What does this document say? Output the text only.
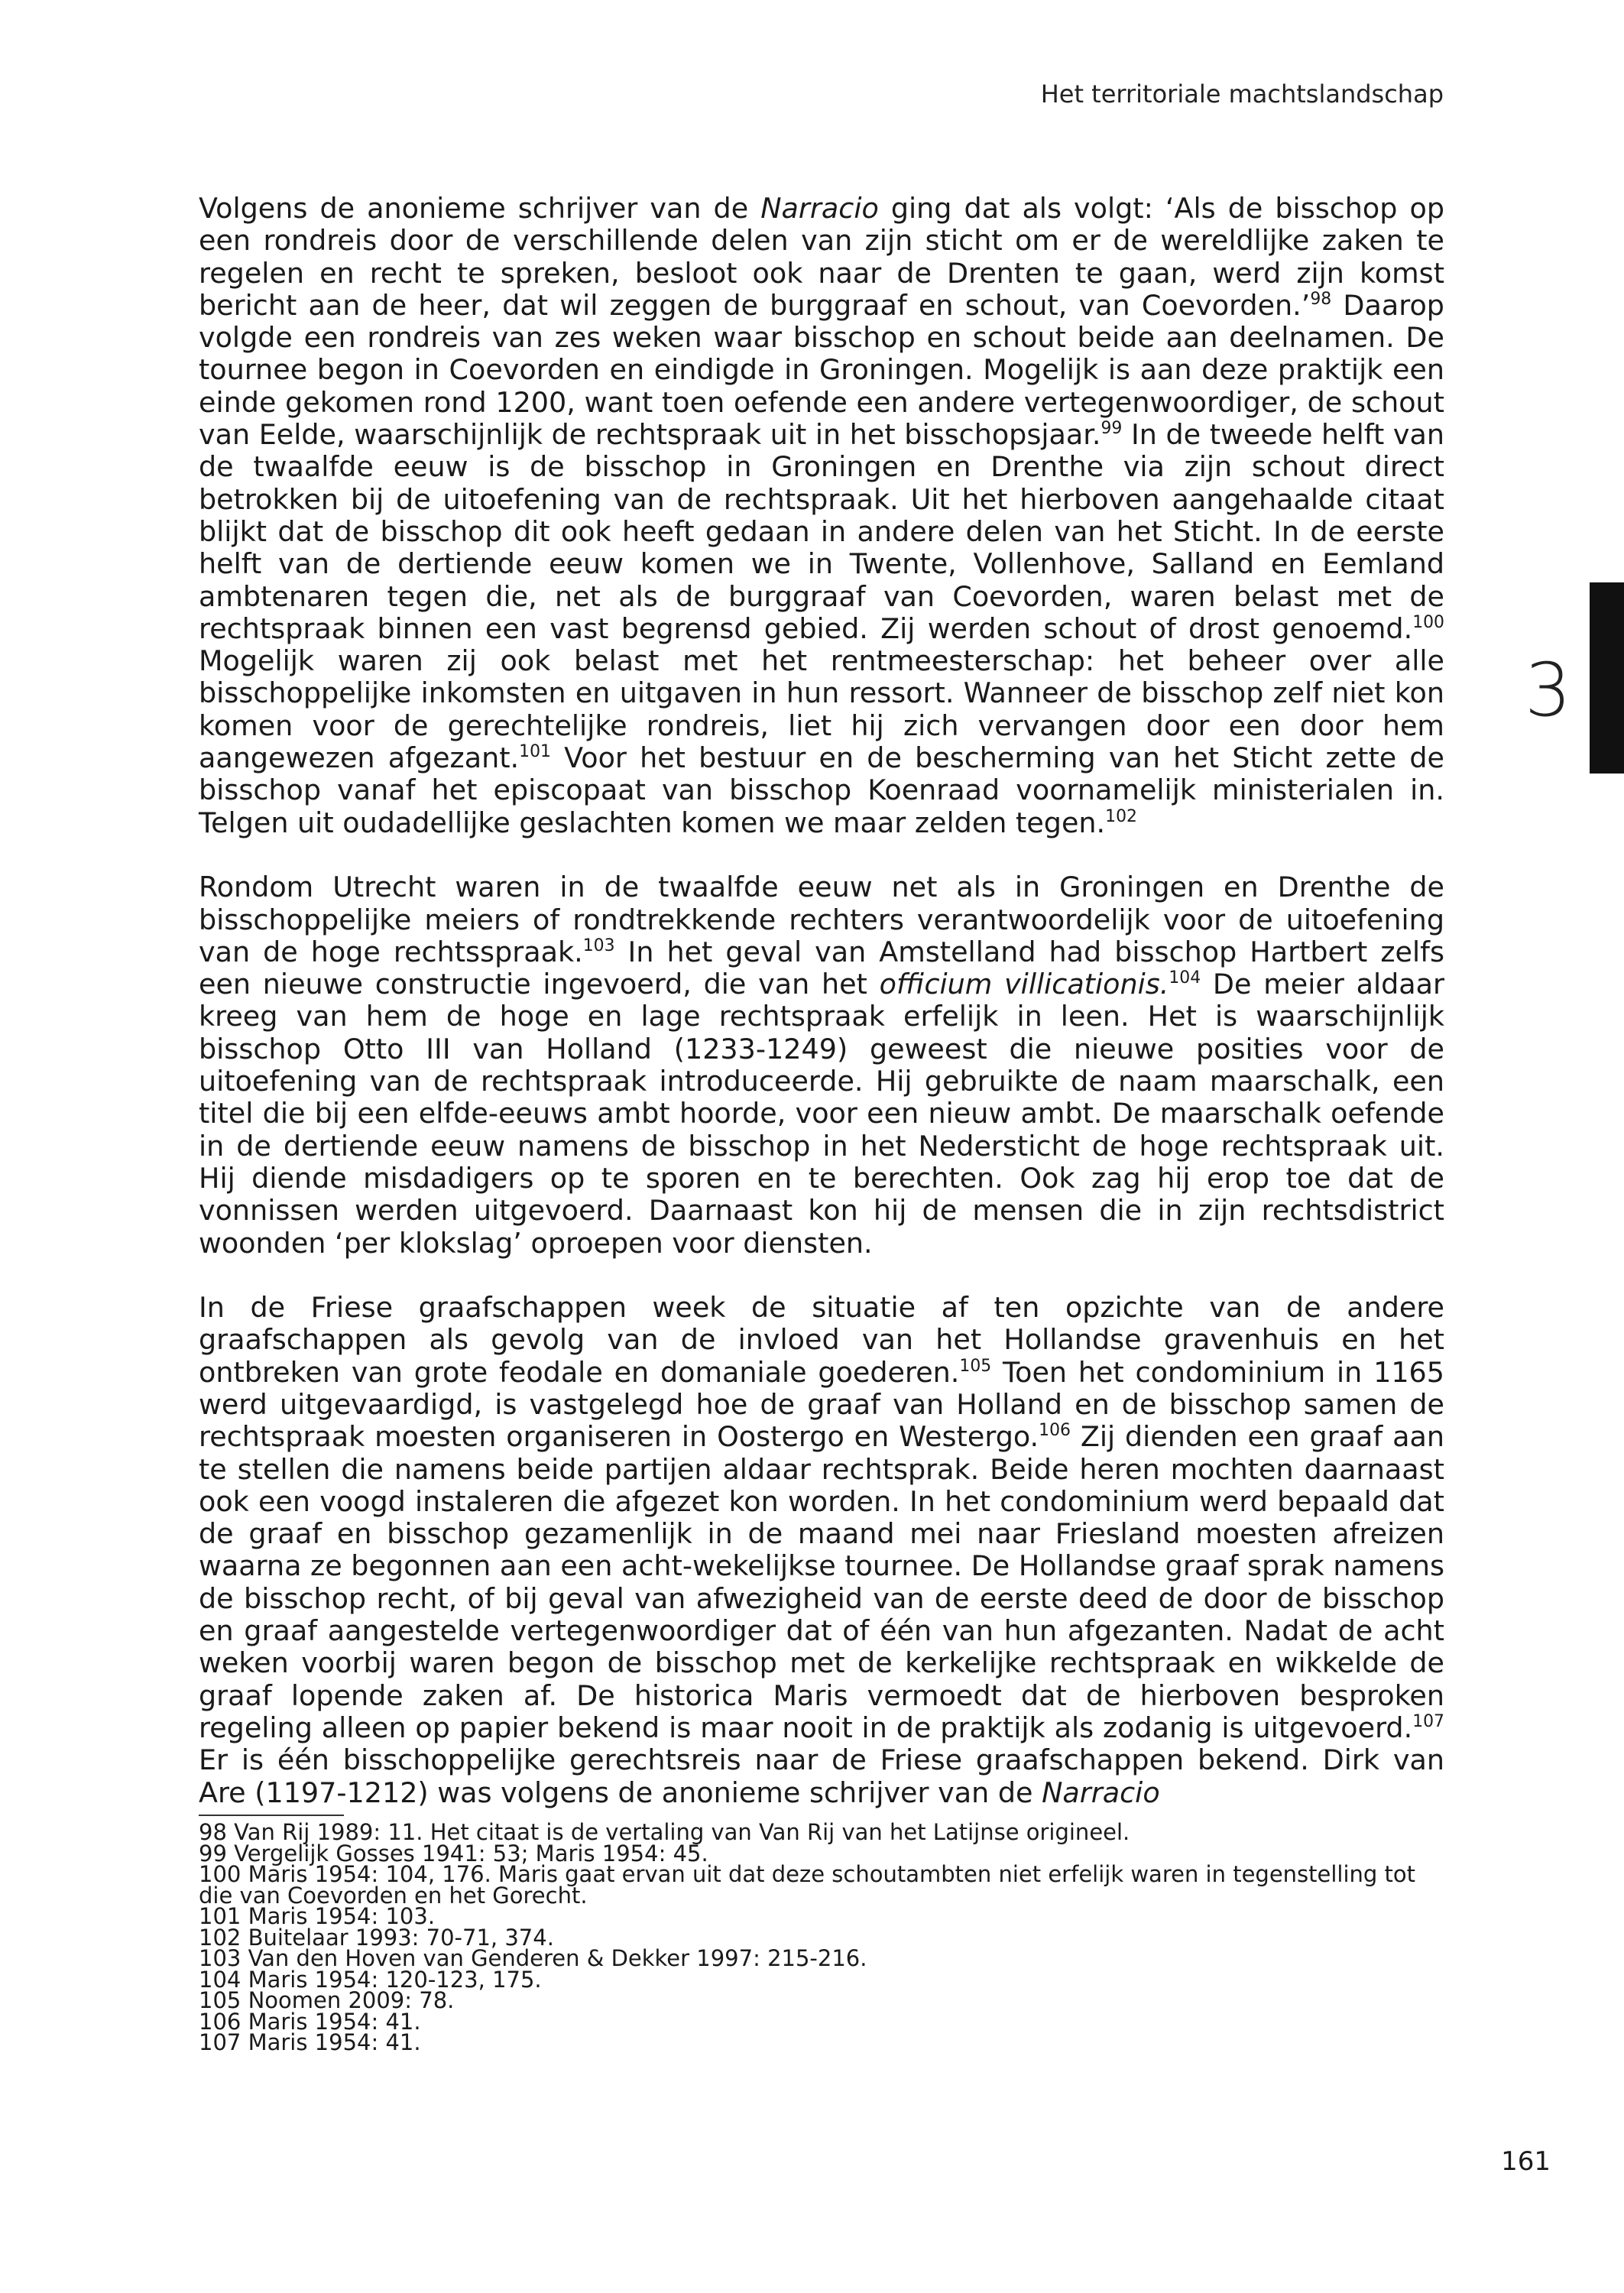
Het territoriale machtslandschap
3

Volgens de anonieme schrijver van de Narracio ging dat als volgt: ‘Als de bisschop op een rondreis door de verschillende delen van zijn sticht om er de wereldlijke zaken te regelen en recht te spreken, besloot ook naar de Drenten te gaan, werd zijn komst bericht aan de heer, dat wil zeggen de burggraaf en schout, van Coevorden.’$^{98}$ Daarop volgde een rondreis van zes weken waar bisschop en schout beide aan deelnamen. De tournee begon in Coevorden en eindigde in Groningen. Mogelijk is aan deze praktijk een einde gekomen rond 1200, want toen oefende een andere vertegenwoordiger, de schout van Eelde, waarschijnlijk de rechtspraak uit in het bisschopsjaar.$^{99}$ In de tweede helft van de twaalfde eeuw is de bisschop in Groningen en Drenthe via zijn schout direct betrokken bij de uitoefening van de rechtspraak. Uit het hierboven aangehaalde citaat blijkt dat de bisschop dit ook heeft gedaan in andere delen van het Sticht. In de eerste helft van de dertiende eeuw komen we in Twente, Vollenhove, Salland en Eemland ambtenaren tegen die, net als de burggraaf van Coevorden, waren belast met de rechtspraak binnen een vast begrensd gebied. Zij werden schout of drost genoemd.$^{100}$ Mogelijk waren zij ook belast met het rentmeesterschap: het beheer over alle bisschoppelijke inkomsten en uitgaven in hun ressort. Wanneer de bisschop zelf niet kon komen voor de gerechtelijke rondreis, liet hij zich vervangen door een door hem aangewezen afgezant.$^{101}$ Voor het bestuur en de bescherming van het Sticht zette de bisschop vanaf het episcopaat van bisschop Koenraad voornamelijk ministerialen in. Telgen uit oudadellijke geslachten komen we maar zelden tegen.$^{102}$

Rondom Utrecht waren in de twaalfde eeuw net als in Groningen en Drenthe de bisschoppelijke meiers of rondtrekkende rechters verantwoordelijk voor de uitoefening van de hoge rechtsspraak.$^{103}$ In het geval van Amstelland had bisschop Hartbert zelfs een nieuwe constructie ingevoerd, die van het officium villicationis.$^{104}$ De meier aldaar kreeg van hem de hoge en lage rechtspraak erfelijk in leen. Het is waarschijnlijk bisschop Otto III van Holland (1233-1249) geweest die nieuwe posities voor de uitoefening van de rechtspraak introduceerde. Hij gebruikte de naam maarschalk, een titel die bij een elfde-eeuws ambt hoorde, voor een nieuw ambt. De maarschalk oefende in de dertiende eeuw namens de bisschop in het Nedersticht de hoge rechtspraak uit. Hij diende misdadigers op te sporen en te berechten. Ook zag hij erop toe dat de vonnissen werden uitgevoerd. Daarnaast kon hij de mensen die in zijn rechtsdistrict woonden ‘per klokslag’ oproepen voor diensten.

In de Friese graafschappen week de situatie af ten opzichte van de andere graafschappen als gevolg van de invloed van het Hollandse gravenhuis en het ontbreken van grote feodale en domaniale goederen.$^{105}$ Toen het condominium in 1165 werd uitgevaardigd, is vastgelegd hoe de graaf van Holland en de bisschop samen de rechtspraak moesten organiseren in Oostergo en Westergo.$^{106}$ Zij dienden een graaf aan te stellen die namens beide partijen aldaar rechtsprak. Beide heren mochten daarnaast ook een voogd instaleren die afgezet kon worden. In het condominium werd bepaald dat de graaf en bisschop gezamenlijk in de maand mei naar Friesland moesten afreizen waarna ze begonnen aan een acht-wekelijkse tournee. De Hollandse graaf sprak namens de bisschop recht, of bij geval van afwezigheid van de eerste deed de door de bisschop en graaf aangestelde vertegenwoordiger dat of één van hun afgezanten. Nadat de acht weken voorbij waren begon de bisschop met de kerkelijke rechtspraak en wikkelde de graaf lopende zaken af. De historica Maris vermoedt dat de hierboven besproken regeling alleen op papier bekend is maar nooit in de praktijk als zodanig is uitgevoerd.$^{107}$ Er is één bisschoppelijke gerechtsreis naar de Friese graafschappen bekend. Dirk van Are (1197-1212) was volgens de anonieme schrijver van de Narracio

98 Van Rij 1989: 11. Het citaat is de vertaling van Van Rij van het Latijnse origineel.
99 Vergelijk Gosses 1941: 53; Maris 1954: 45.
100 Maris 1954: 104, 176. Maris gaat ervan uit dat deze schoutambten niet erfelijk waren in tegenstelling tot die van Coevorden en het Gorecht.
101 Maris 1954: 103.
102 Buitelaar 1993: 70-71, 374.
103 Van den Hoven van Genderen & Dekker 1997: 215-216.
104 Maris 1954: 120-123, 175.
105 Noomen 2009: 78.
106 Maris 1954: 41.
107 Maris 1954: 41.
161
